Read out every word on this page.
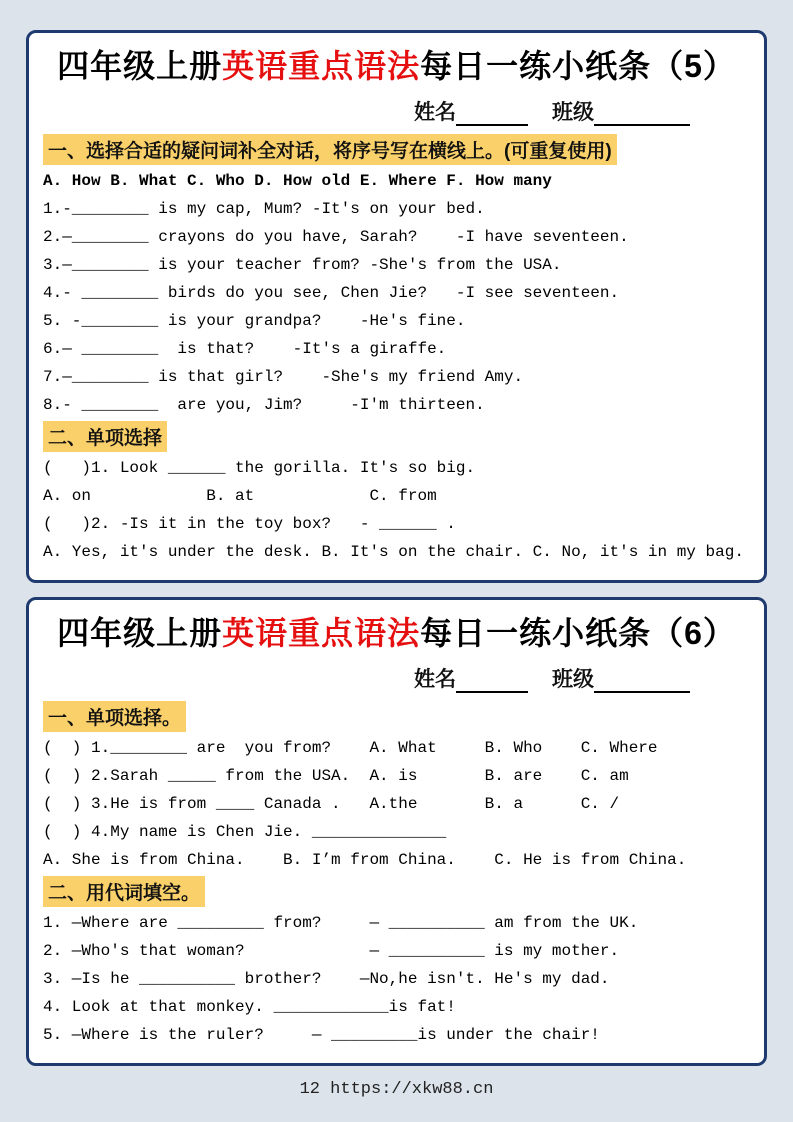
四年级上册英语重点语法每日一练小纸条（5）
姓名	班级
一、选择合适的疑问词补全对话，将序号写在横线上。(可重复使用)
A. How B. What C. Who D. How old E. Where F. How many
1.-________ is my cap, Mum? -It's on your bed.
2.—________ crayons do you have, Sarah?    -I have seventeen.
3.—________ is your teacher from? -She's from the USA.
4.- ________ birds do you see, Chen Jie?   -I see seventeen.
5. -________ is your grandpa?    -He's fine.
6.— ________  is that?    -It's a giraffe.
7.—________ is that girl?    -She's my friend Amy.
8.- ________  are you, Jim?     -I'm thirteen.
二、单项选择
(   )1. Look ______ the gorilla. It's so big.
A. on            B. at            C. from
(   )2. -Is it in the toy box?   - ______ .
A. Yes, it's under the desk. B. It's on the chair. C. No, it's in my bag.
四年级上册英语重点语法每日一练小纸条（6）
姓名	班级
一、单项选择。
(  ) 1.________ are  you from?    A. What     B. Who    C. Where
(  ) 2.Sarah _____ from the USA.  A. is       B. are    C. am
(  ) 3.He is from ____ Canada .   A.the       B. a      C. /
(  ) 4.My name is Chen Jie. ______________
A. She is from China.    B. I’m from China.    C. He is from China.
二、用代词填空。
1. —Where are _________ from?     — __________ am from the UK.
2. —Who's that woman?             — __________ is my mother.
3. —Is he __________ brother?    —No,he isn't. He's my dad.
4. Look at that monkey. ____________is fat!
5. —Where is the ruler?     — _________is under the chair!
12 https://xkw88.cn
